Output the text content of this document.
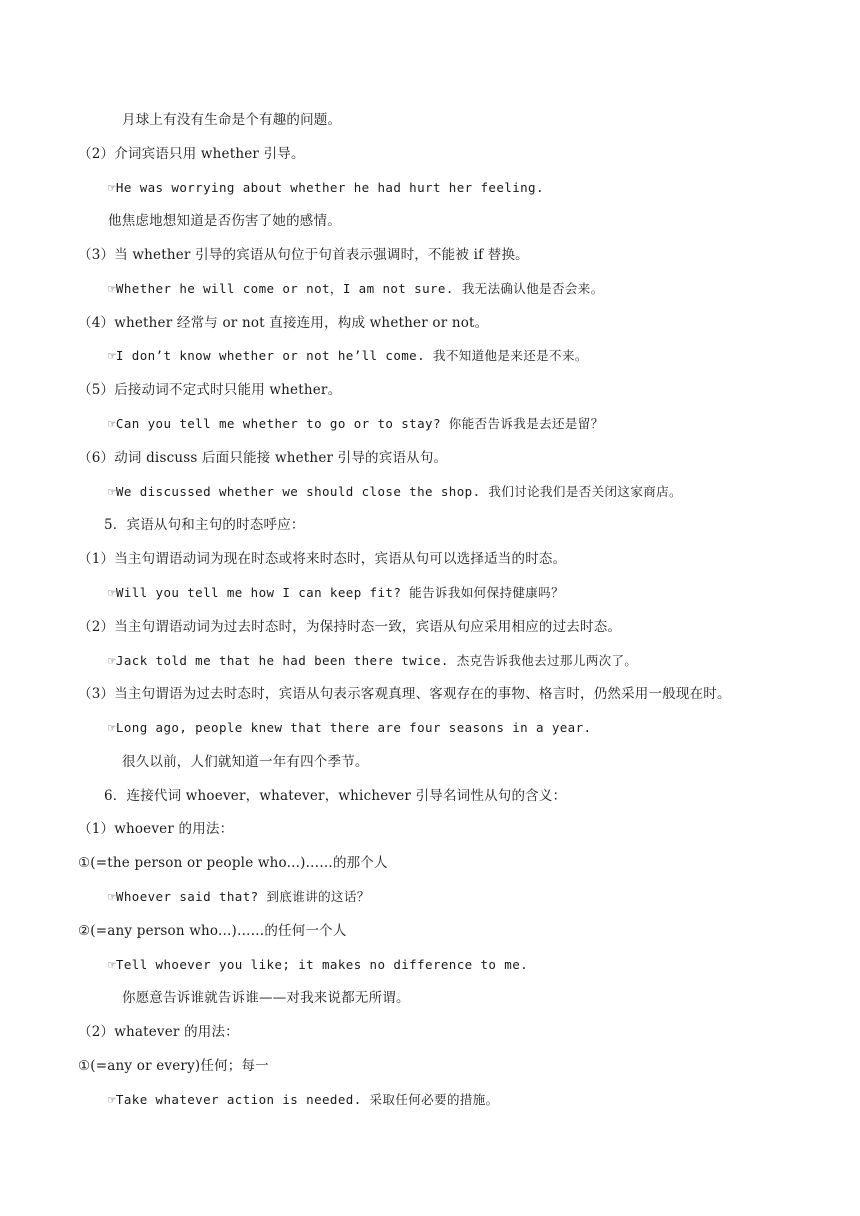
月球上有没有生命是个有趣的问题。
（2）介词宾语只用 whether 引导。
☞He was worrying about whether he had hurt her feeling.
他焦虑地想知道是否伤害了她的感情。
（3）当 whether 引导的宾语从句位于句首表示强调时，不能被 if 替换。
☞Whether he will come or not，I am not sure. 我无法确认他是否会来。
（4）whether 经常与 or not 直接连用，构成 whether or not。
☞I don’t know whether or not he’ll come. 我不知道他是来还是不来。
（5）后接动词不定式时只能用 whether。
☞Can you tell me whether to go or to stay? 你能否告诉我是去还是留？
（6）动词 discuss 后面只能接 whether 引导的宾语从句。
☞We discussed whether we should close the shop. 我们讨论我们是否关闭这家商店。
5．宾语从句和主句的时态呼应：
（1）当主句谓语动词为现在时态或将来时态时，宾语从句可以选择适当的时态。
☞Will you tell me how I can keep fit? 能告诉我如何保持健康吗？
（2）当主句谓语动词为过去时态时，为保持时态一致，宾语从句应采用相应的过去时态。
☞Jack told me that he had been there twice. 杰克告诉我他去过那儿两次了。
（3）当主句谓语为过去时态时，宾语从句表示客观真理、客观存在的事物、格言时，仍然采用一般现在时。
☞Long ago, people knew that there are four seasons in a year.
很久以前，人们就知道一年有四个季节。
6．连接代词 whoever，whatever，whichever 引导名词性从句的含义：
（1）whoever 的用法：
①(=the person or people who...)……的那个人
☞Whoever said that? 到底谁讲的这话？
②(=any person who...)……的任何一个人
☞Tell whoever you like; it makes no difference to me.
你愿意告诉谁就告诉谁——对我来说都无所谓。
（2）whatever 的用法：
①(=any or every)任何；每一
☞Take whatever action is needed. 采取任何必要的措施。
